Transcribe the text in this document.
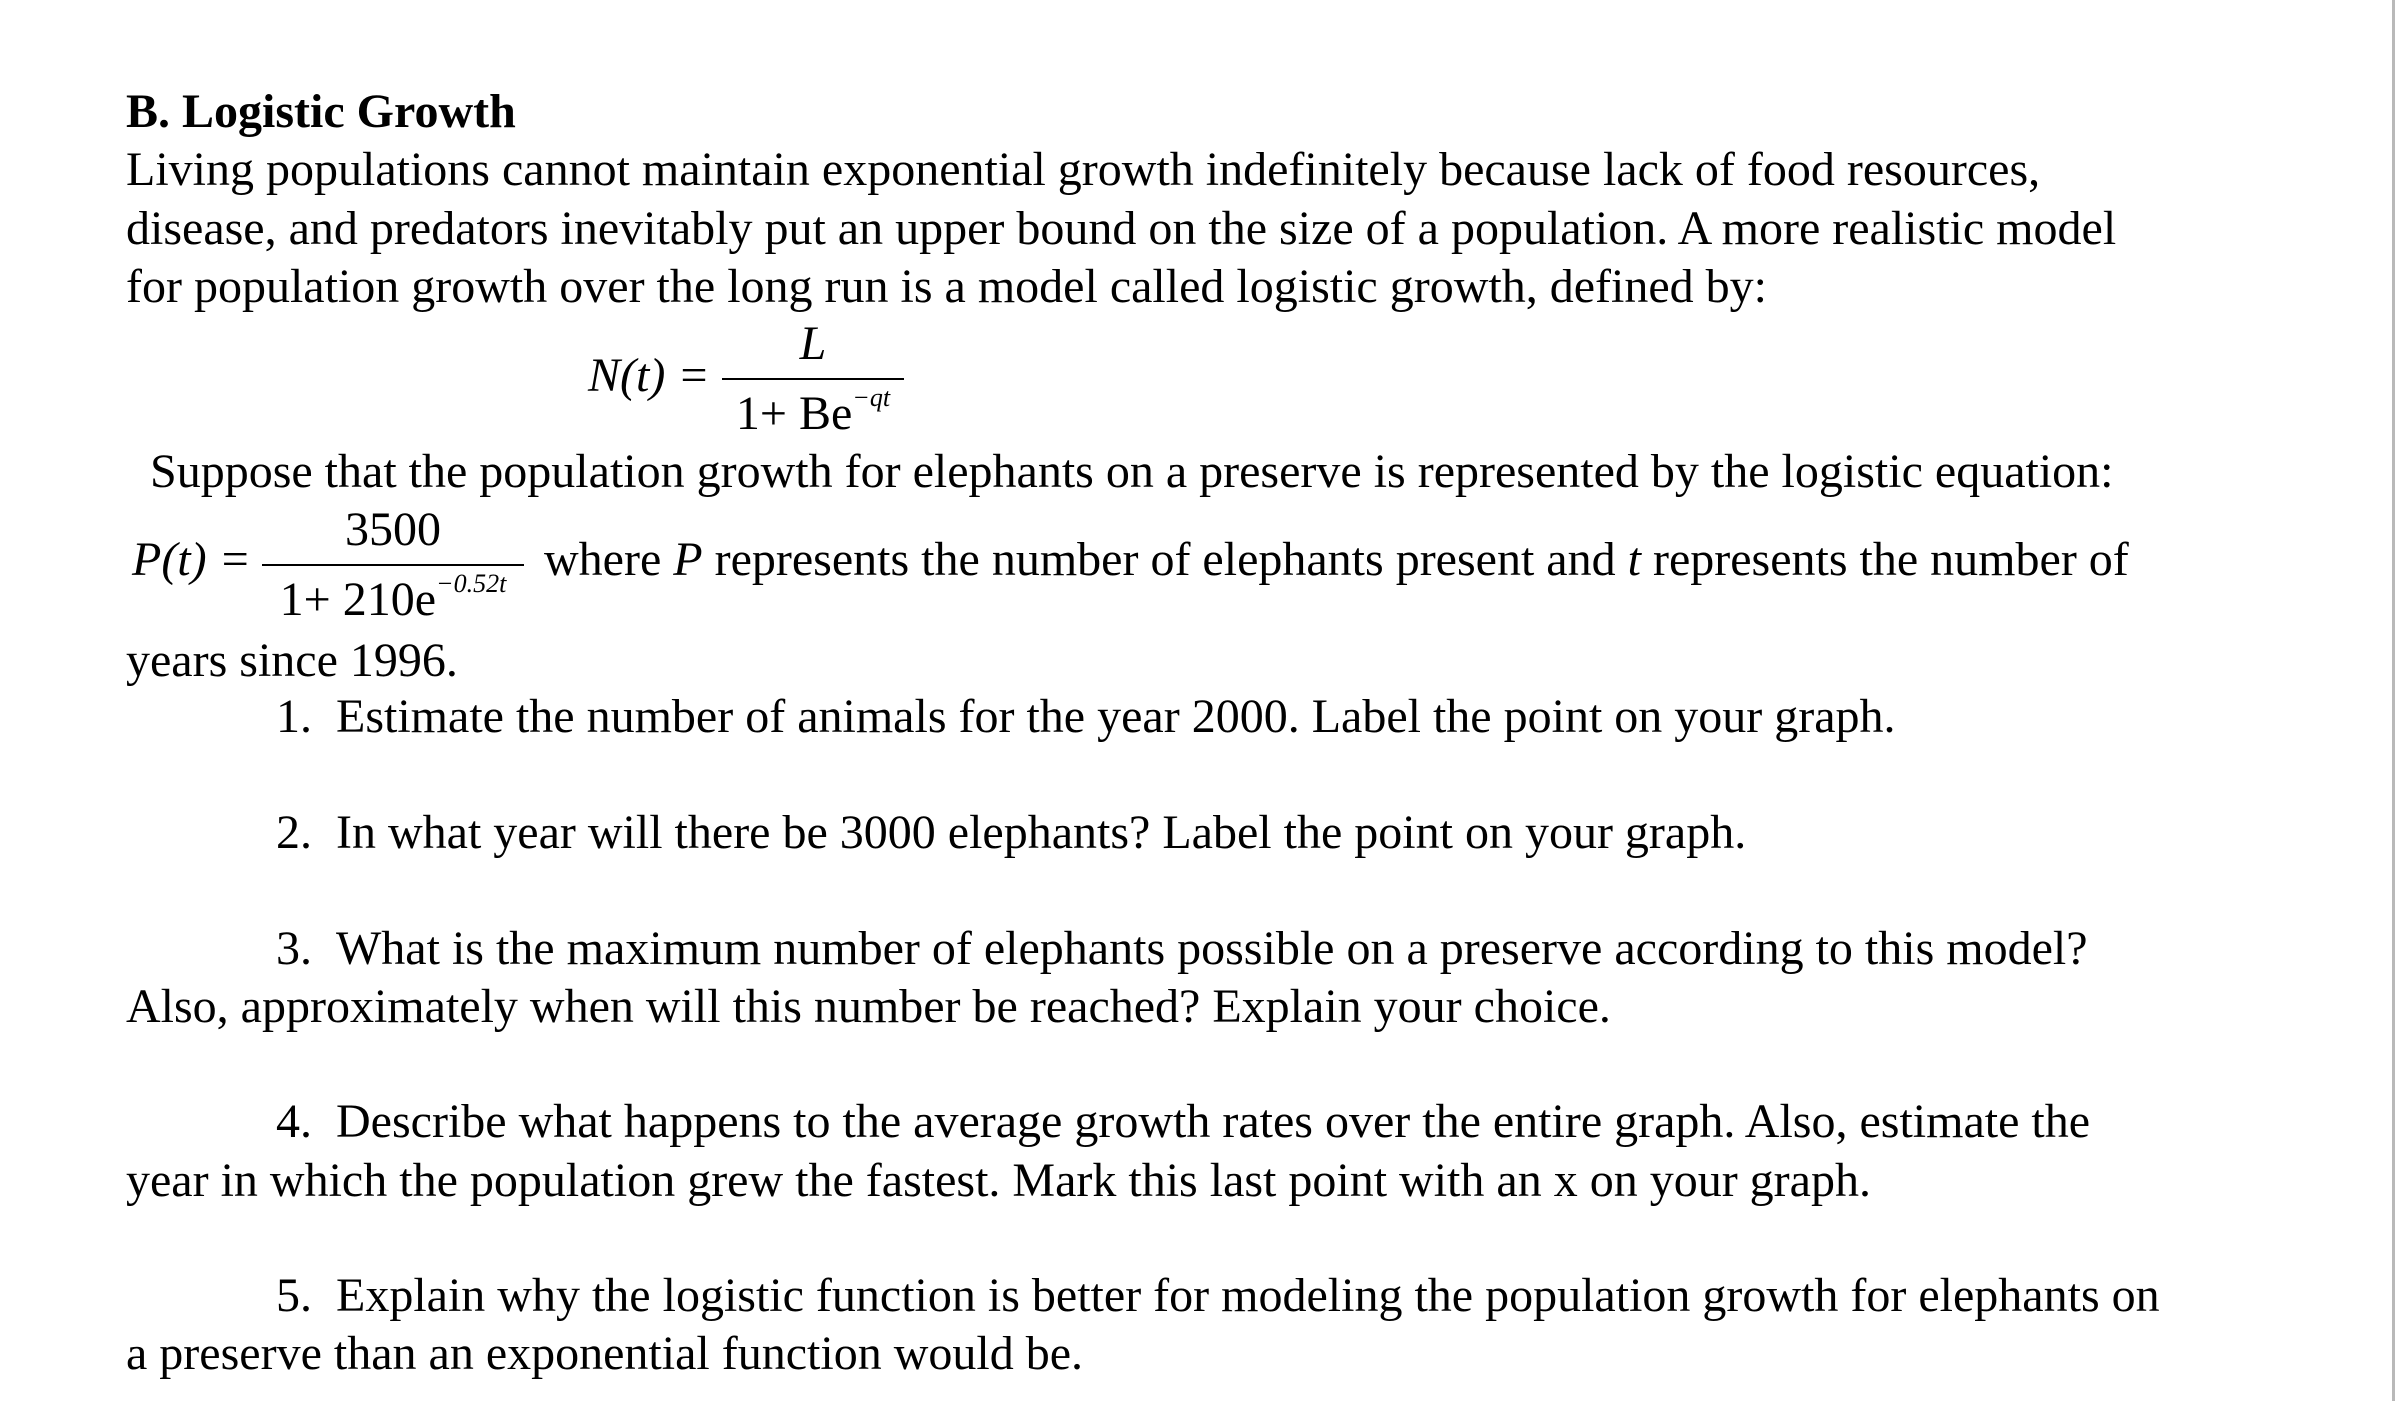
B. Logistic Growth
Living populations cannot maintain exponential growth indefinitely because lack of food resources,
disease, and predators inevitably put an upper bound on the size of a population. A more realistic model
for population growth over the long run is a model called logistic growth, defined by:
N(t) =
L
$1+ Be^{-qt}$
Suppose that the population growth for elephants on a preserve is represented by the logistic equation:
P(t) =
3500
$1+ 210e^{-0.52t}$ where P represents the number of elephants present and t represents the number of
years since 1996.
1. Estimate the number of animals for the year 2000. Label the point on your graph.
2. In what year will there be 3000 elephants? Label the point on your graph.
3. What is the maximum number of elephants possible on a preserve according to this model?
Also, approximately when will this number be reached? Explain your choice.
4. Describe what happens to the average growth rates over the entire graph. Also, estimate the
year in which the population grew the fastest. Mark this last point with an x on your graph.
5. Explain why the logistic function is better for modeling the population growth for elephants on
a preserve than an exponential function would be.
